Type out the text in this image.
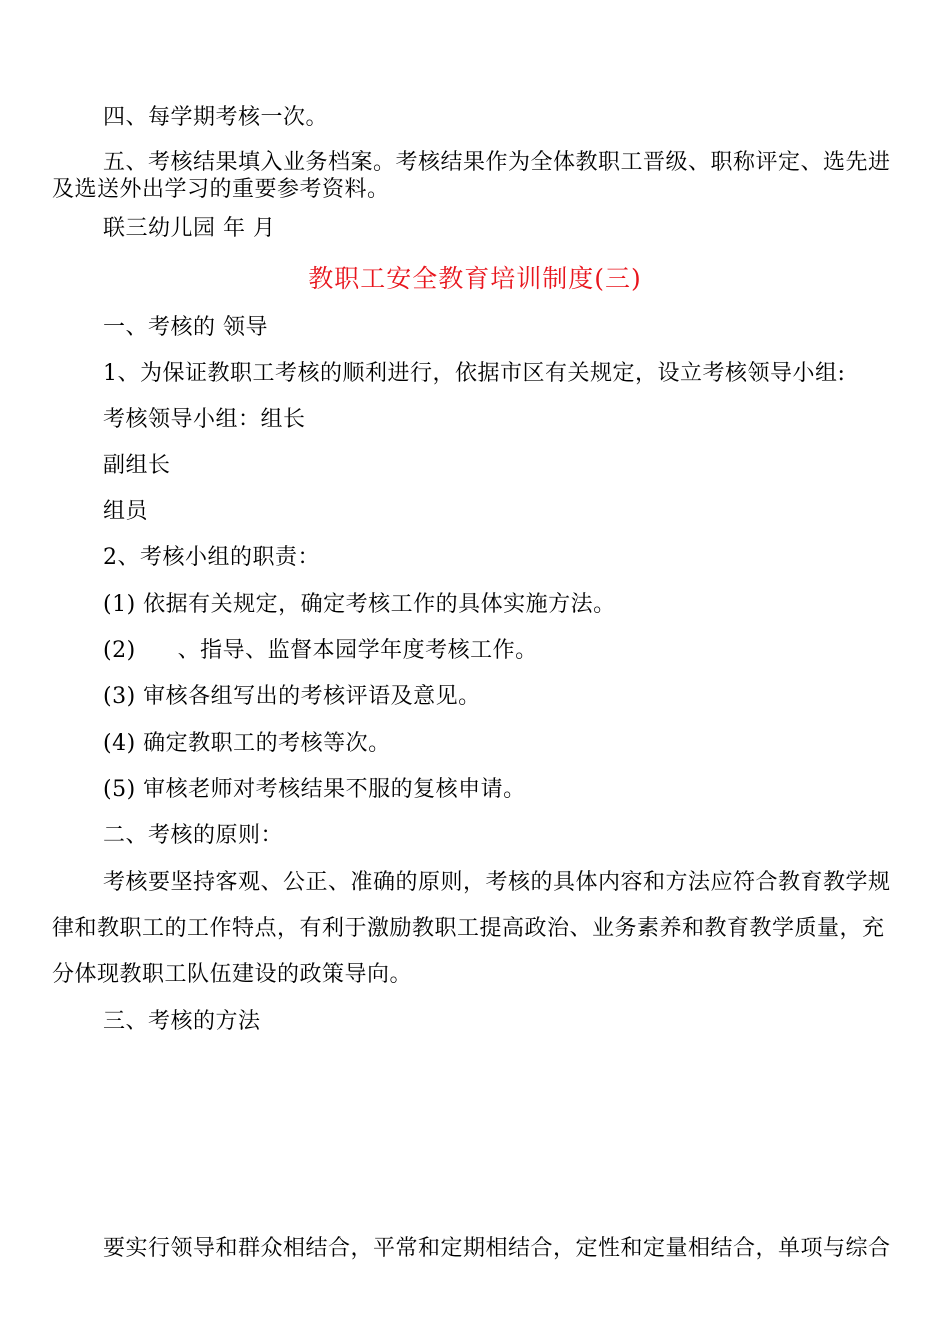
四、每学期考核一次。
五、考核结果填入业务档案。考核结果作为全体教职工晋级、职称评定、选先进
及选送外出学习的重要参考资料。
联三幼儿园 年 月
教职工安全教育培训制度(三)
一、考核的 领导
1、为保证教职工考核的顺利进行，依据市区有关规定，设立考核领导小组:
考核领导小组：组长
副组长
组员
2、考核小组的职责：
(1) 依据有关规定，确定考核工作的具体实施方法。
(2) 、指导、监督本园学年度考核工作。
(3) 审核各组写出的考核评语及意见。
(4) 确定教职工的考核等次。
(5) 审核老师对考核结果不服的复核申请。
二、考核的原则：
考核要坚持客观、公正、准确的原则，考核的具体内容和方法应符合教育教学规
律和教职工的工作特点，有利于激励教职工提高政治、业务素养和教育教学质量，充
分体现教职工队伍建设的政策导向。
三、考核的方法
要实行领导和群众相结合，平常和定期相结合，定性和定量相结合，单项与综合
